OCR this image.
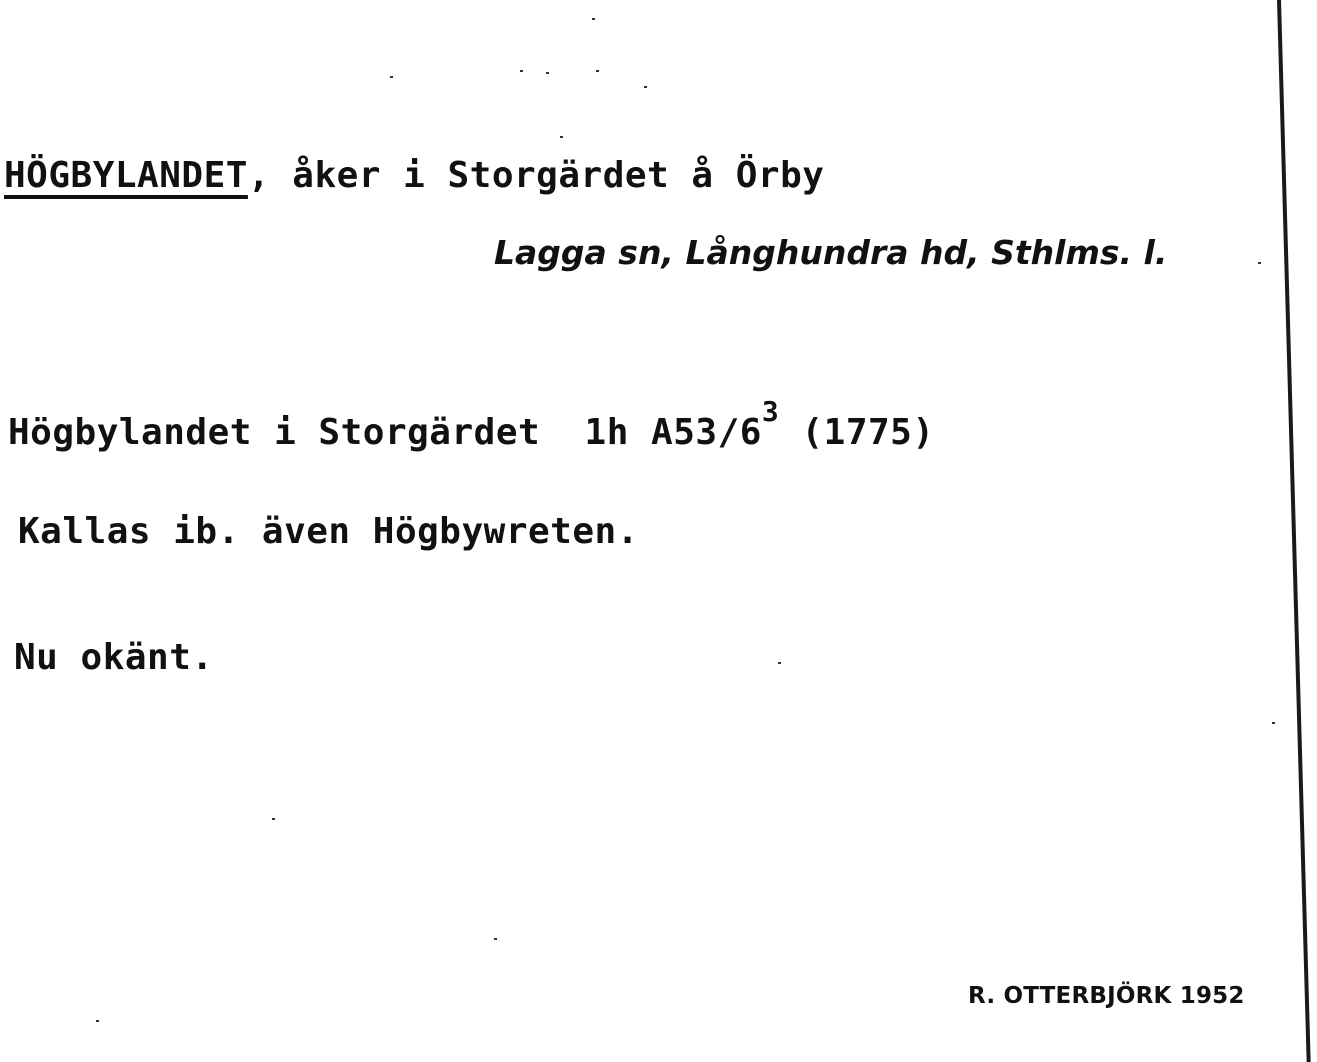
HÖGBYLANDET, åker i Storgärdet å Örby
Lagga sn, Långhundra hd, Sthlms. l.
Högbylandet i Storgärdet 1h $A53/6^3$ (1775)
Kallas ib. även Högbywreten.
Nu okänt.
R. OTTERBJÖRK 1952
